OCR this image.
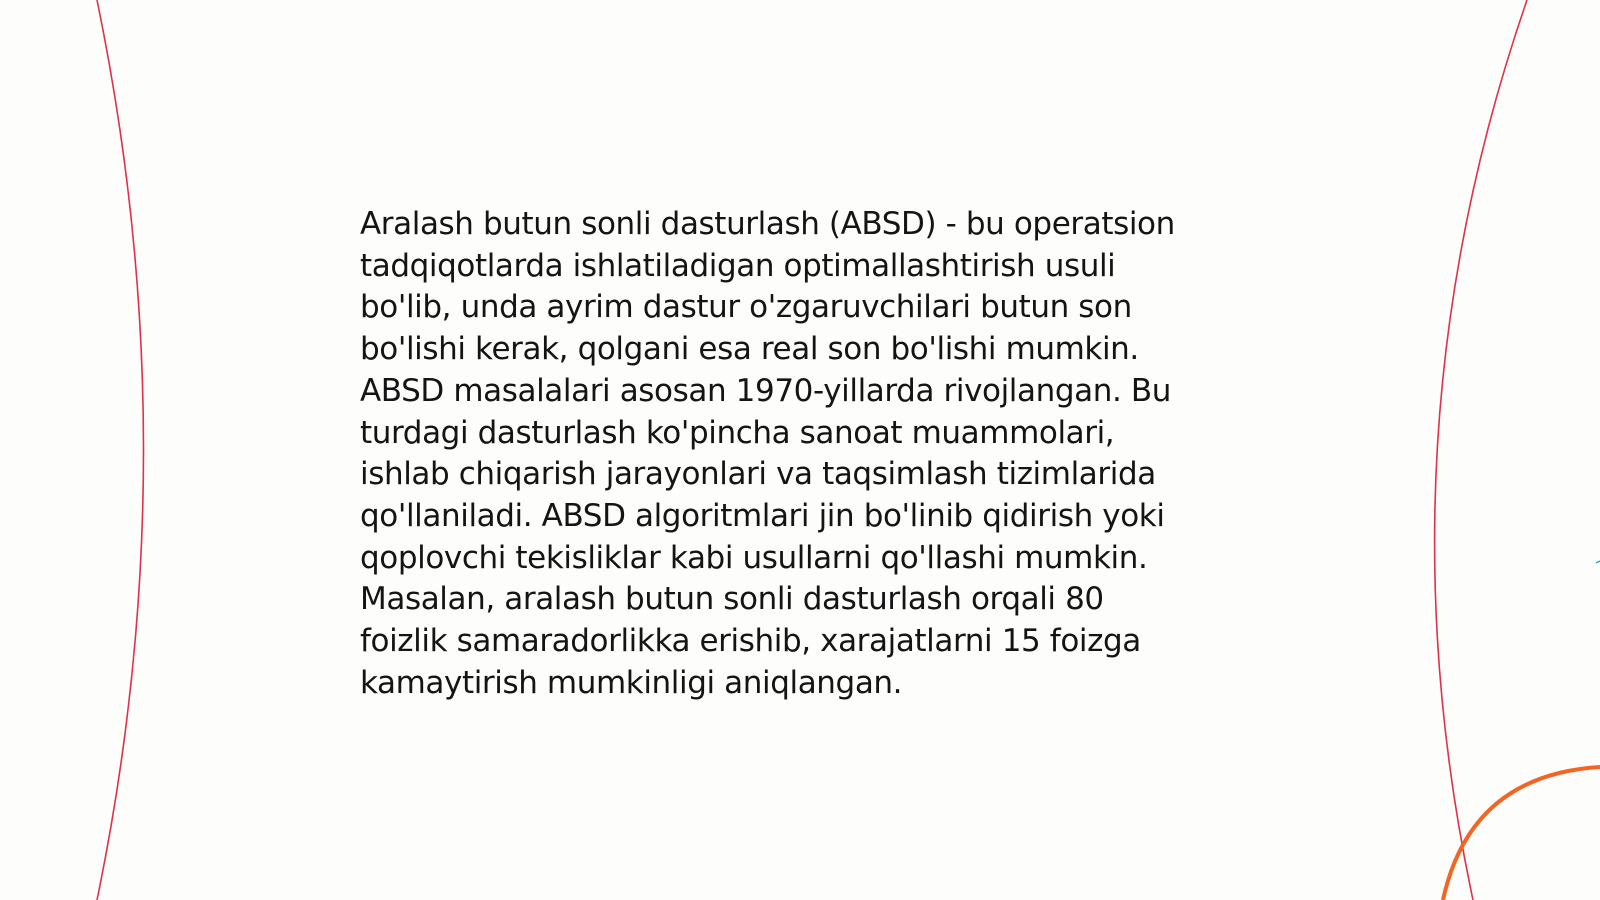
Aralash butun sonli dasturlash (ABSD) - bu operatsion
tadqiqotlarda ishlatiladigan optimallashtirish usuli
bo'lib, unda ayrim dastur o'zgaruvchilari butun son
bo'lishi kerak, qolgani esa real son bo'lishi mumkin.
ABSD masalalari asosan 1970-yillarda rivojlangan. Bu
turdagi dasturlash ko'pincha sanoat muammolari,
ishlab chiqarish jarayonlari va taqsimlash tizimlarida
qo'llaniladi. ABSD algoritmlari jin bo'linib qidirish yoki
qoplovchi tekisliklar kabi usullarni qo'llashi mumkin.
Masalan, aralash butun sonli dasturlash orqali 80
foizlik samaradorlikka erishib, xarajatlarni 15 foizga
kamaytirish mumkinligi aniqlangan.
